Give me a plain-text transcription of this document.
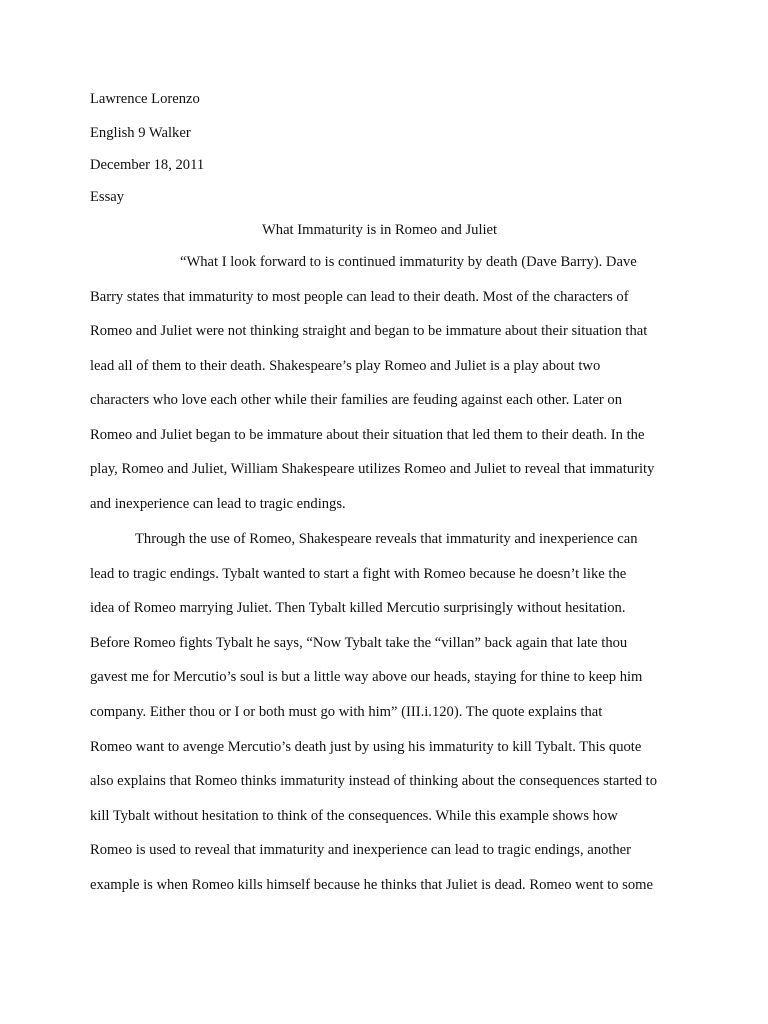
Lawrence Lorenzo
English 9 Walker
December 18, 2011
Essay
What Immaturity is in Romeo and Juliet
“What I look forward to is continued immaturity by death (Dave Barry). Dave
Barry states that immaturity to most people can lead to their death. Most of the characters of
Romeo and Juliet were not thinking straight and began to be immature about their situation that
lead all of them to their death. Shakespeare’s play Romeo and Juliet is a play about two
characters who love each other while their families are feuding against each other. Later on
Romeo and Juliet began to be immature about their situation that led them to their death. In the
play, Romeo and Juliet, William Shakespeare utilizes Romeo and Juliet to reveal that immaturity
and inexperience can lead to tragic endings.
Through the use of Romeo, Shakespeare reveals that immaturity and inexperience can
lead to tragic endings. Tybalt wanted to start a fight with Romeo because he doesn’t like the
idea of Romeo marrying Juliet. Then Tybalt killed Mercutio surprisingly without hesitation.
Before Romeo fights Tybalt he says, “Now Tybalt take the “villan” back again that late thou
gavest me for Mercutio’s soul is but a little way above our heads, staying for thine to keep him
company. Either thou or I or both must go with him” (III.i.120). The quote explains that
Romeo want to avenge Mercutio’s death just by using his immaturity to kill Tybalt. This quote
also explains that Romeo thinks immaturity instead of thinking about the consequences started to
kill Tybalt without hesitation to think of the consequences. While this example shows how
Romeo is used to reveal that immaturity and inexperience can lead to tragic endings, another
example is when Romeo kills himself because he thinks that Juliet is dead. Romeo went to some
